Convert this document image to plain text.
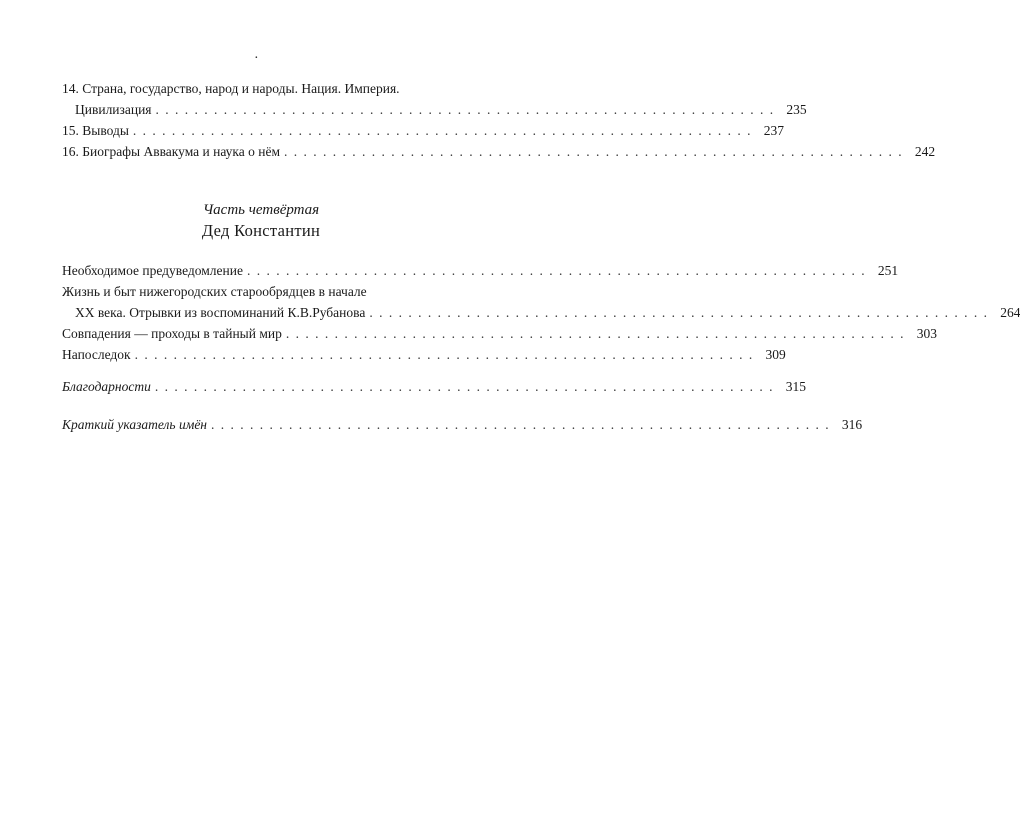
·
14. Страна, государство, народ и народы. Нация. Империя.
Цивилизация . . . . . . . . . . . . . . . . . . . . . . . . . . . . . . . . . . . . . . . . . . . . . . . . . . . . . . . . . . . . . . . . 235
15. Выводы . . . . . . . . . . . . . . . . . . . . . . . . . . . . . . . . . . . . . . . . . . . . . . . . . . . . . . . . . . . . . . . . 237
16. Биографы Аввакума и наука о нём . . . . . . . . . . . . . . . . . . . . . . . . . . . . . . . . . . . . . . . . . . . . . . . . . . . . . . . . . . . . . . . . 242
Часть четвёртая
Дед Константин
Необходимое предуведомление . . . . . . . . . . . . . . . . . . . . . . . . . . . . . . . . . . . . . . . . . . . . . . . . . . . . . . . . . . . . . . . . 251
Жизнь и быт нижегородских старообрядцев в начале
XX века. Отрывки из воспоминаний К.В.Рубанова . . . . . . . . . . . . . . . . . . . . . . . . . . . . . . . . . . . . . . . . . . . . . . . . . . . . . . . . . . . . . . . . 264
Совпадения — проходы в тайный мир . . . . . . . . . . . . . . . . . . . . . . . . . . . . . . . . . . . . . . . . . . . . . . . . . . . . . . . . . . . . . . . . 303
Напоследок . . . . . . . . . . . . . . . . . . . . . . . . . . . . . . . . . . . . . . . . . . . . . . . . . . . . . . . . . . . . . . . . 309
Благодарности . . . . . . . . . . . . . . . . . . . . . . . . . . . . . . . . . . . . . . . . . . . . . . . . . . . . . . . . . . . . . . . . 315
Краткий указатель имён . . . . . . . . . . . . . . . . . . . . . . . . . . . . . . . . . . . . . . . . . . . . . . . . . . . . . . . . . . . . . . . . 316
